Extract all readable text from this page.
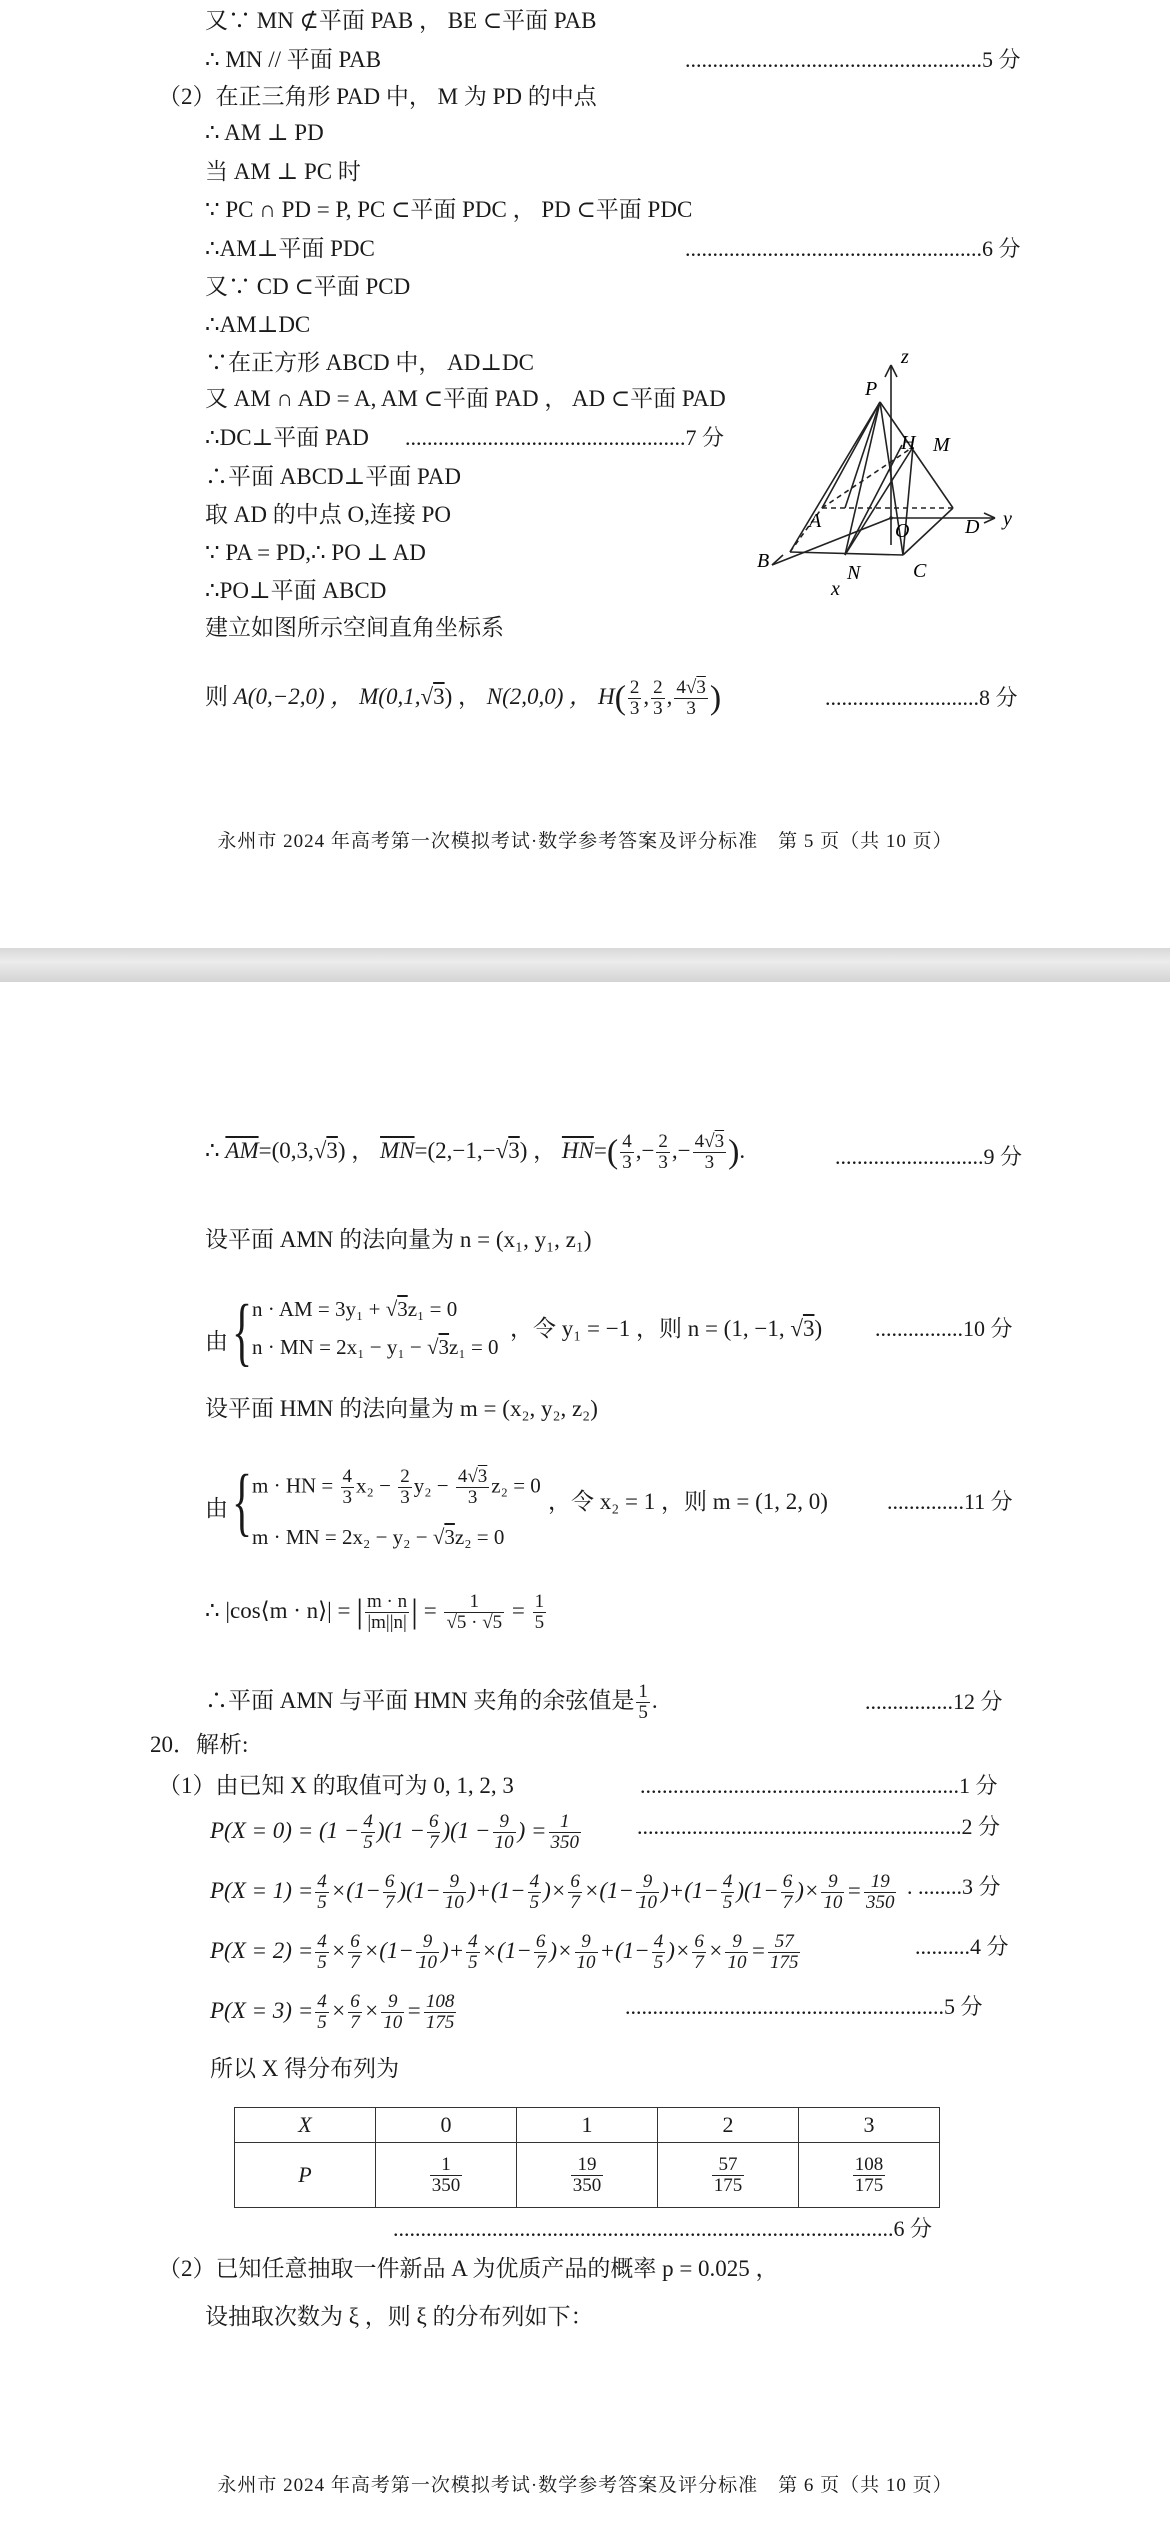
又∵ MN ⊄平面 PAB ， BE ⊂平面 PAB
∴ MN // 平面 PAB	......................................................5 分
（2）在正三角形 PAD 中， M 为 PD 的中点
∴ AM ⊥ PD
当 AM ⊥ PC 时
∵ PC ∩ PD = P, PC ⊂平面 PDC ， PD ⊂平面 PDC
∴AM⊥平面 PDC	......................................................6 分
又∵ CD ⊂平面 PCD
∴AM⊥DC
∵在正方形 ABCD 中， AD⊥DC
又 AM ∩ AD = A, AM ⊂平面 PAD ， AD ⊂平面 PAD
∴DC⊥平面 PAD ...................................................7 分
∴平面 ABCD⊥平面 PAD
取 AD 的中点 O,连接 PO
∵ PA = PD,∴ PO ⊥ AD
∴PO⊥平面 ABCD
建立如图所示空间直角坐标系
则 A(0,−2,0) ， M(0,1,√3) ， N(2,0,0) ， $H( \frac{2}{3}$ , $\frac{2}{3}$ , $\frac{4√3}{3}$ )	............................8 分
z
y
x
P
H M
A	O	D
B
N	C
永州市 2024 年高考第一次模拟考试·数学参考答案及评分标准　第 5 页（共 10 页）
∴ $\overline{AM}=(0,3,√3)$ ， $\overline{MN}=(2,-1,-√3)$ ， $\overline{HN}=( \frac{4}{3}$ ,− $\frac{2}{3}$ ,− $\frac{4√3}{3}$ ).	...........................9 分
设平面 AMN 的法向量为 n = (x₁, y₁, z₁)
由 { n · AM = 3y₁ + √3z₁ = 0
n · MN = 2x₁ − y₁ − √3z₁ = 0
，令 y₁ = −1 ，则 n = (1, −1, √3) ................10 分
设平面 HMN 的法向量为 m = (x₂, y₂, z₂)
由 { m · HN = $\frac{4}{3} x_2 - \frac{2}{3} y_2 - \frac{4√3}{3} z_2 = 0$
m · MN = 2x₂ − y₂ − √3z₂ = 0
，令 x₂ = 1 ，则 m = (1, 2, 0)	..............11 分
∴ |cos⟨m · n⟩| = | $\frac{m \cdot n}{|m||n|}$ | = $\frac{1}{√5 \cdot √5} = \frac{1}{5}$
∴平面 AMN 与平面 HMN 夹角的余弦值是 $\frac{1}{5}$ .	................12 分
20．解析:
（1）由已知 X 的取值可为 0, 1, 2, 3	..........................................................1 分
$P(X = 0) = (1 - \frac{4}{5} )(1 - \frac{6}{7} )(1 - \frac{9}{10}$ ) = $\frac{1}{350}$	...........................................................2 分
$P(X = 1) = \frac{4}{5} \times(1- \frac{6}{7} )(1- \frac{9}{10} )+(1- \frac{4}{5}$ )× $\frac{6}{7} \times(1- \frac{9}{10} )+(1- \frac{4}{5} )(1- \frac{6}{7}$ )× $\frac{9}{10} = \frac{19}{350}$ . ........3 分
$P(X = 2) = \frac{4}{5} \times \frac{6}{7} \times(1- \frac{9}{10}$ )+ $\frac{4}{5} \times(1- \frac{6}{7}$ )× $\frac{9}{10} +(1- \frac{4}{5}$ )× $\frac{6}{7} \times \frac{9}{10} = \frac{57}{175}$	..........4 分
$P(X = 3) = \frac{4}{5} \times \frac{6}{7} \times \frac{9}{10} = \frac{108}{175}$	..........................................................5 分
所以 X 得分布列为
X	0	1	2	3
P	$\frac{1}{350}$	$\frac{19}{350}$	$\frac{57}{175}$	$\frac{108}{175}$
...........................................................................................6 分
（2）已知任意抽取一件新品 A 为优质产品的概率 p = 0.025 ，
设抽取次数为 ξ ，则 ξ 的分布列如下：
永州市 2024 年高考第一次模拟考试·数学参考答案及评分标准　第 6 页（共 10 页）
